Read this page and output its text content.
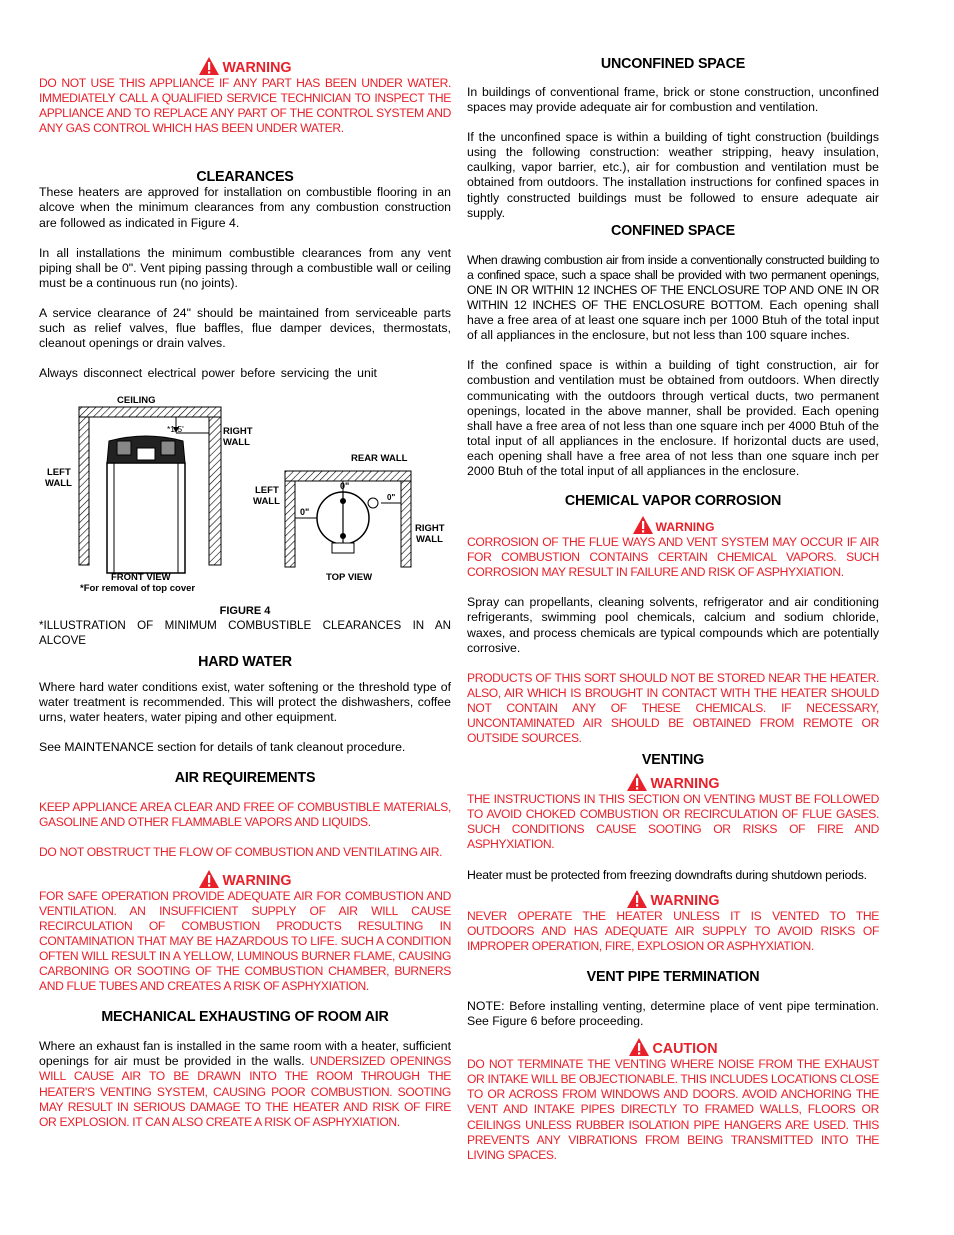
WARNING

DO NOT USE THIS APPLIANCE IF ANY PART HAS BEEN UNDER WATER. IMMEDIATELY CALL A QUALIFIED SERVICE TECHNICIAN TO INSPECT THE APPLIANCE AND TO REPLACE ANY PART OF THE CONTROL SYSTEM AND ANY GAS CONTROL WHICH HAS BEEN UNDER WATER.

CLEARANCES

These heaters are approved for installation on combustible flooring in an alcove when the minimum clearances from any combustion construction are followed as indicated in Figure 4.

In all installations the minimum combustible clearances from any vent piping shall be 0". Vent piping passing through a combustible wall or ceiling must be a continuous run (no joints).

A service clearance of 24" should be maintained from serviceable parts such as relief valves, flue baffles, flue damper devices, thermostats, cleanout openings or drain valves.

Always disconnect electrical power before servicing the unit

CEILING
*1.5'	RIGHT
WALL
LEFT
WALL
FRONT VIEW
*For removal of top cover
REAR WALL
LEFT
WALL
0"
0"
0"
RIGHT
WALL
TOP VIEW
FIGURE 4

*ILLUSTRATION OF MINIMUM COMBUSTIBLE CLEARANCES IN AN ALCOVE

HARD WATER

Where hard water conditions exist, water softening or the threshold type of water treatment is recommended. This will protect the dishwashers, coffee urns, water heaters, water piping and other equipment.

See MAINTENANCE section for details of tank cleanout procedure.

AIR REQUIREMENTS

KEEP APPLIANCE AREA CLEAR AND FREE OF COMBUSTIBLE MATERIALS, GASOLINE AND OTHER FLAMMABLE VAPORS AND LIQUIDS.

DO NOT OBSTRUCT THE FLOW OF COMBUSTION AND VENTILATING AIR.

WARNING

FOR SAFE OPERATION PROVIDE ADEQUATE AIR FOR COMBUSTION AND VENTILATION. AN INSUFFICIENT SUPPLY OF AIR WILL CAUSE RECIRCULATION OF COMBUSTION PRODUCTS RESULTING IN CONTAMINATION THAT MAY BE HAZARDOUS TO LIFE. SUCH A CONDITION OFTEN WILL RESULT IN A YELLOW, LUMINOUS BURNER FLAME, CAUSING CARBONING OR SOOTING OF THE COMBUSTION CHAMBER, BURNERS AND FLUE TUBES AND CREATES A RISK OF ASPHYXIATION.

MECHANICAL EXHAUSTING OF ROOM AIR

Where an exhaust fan is installed in the same room with a heater, sufficient openings for air must be provided in the walls. UNDERSIZED OPENINGS WILL CAUSE AIR TO BE DRAWN INTO THE ROOM THROUGH THE HEATER'S VENTING SYSTEM, CAUSING POOR COMBUSTION. SOOTING MAY RESULT IN SERIOUS DAMAGE TO THE HEATER AND RISK OF FIRE OR EXPLOSION. IT CAN ALSO CREATE A RISK OF ASPHYXIATION.

UNCONFINED SPACE

In buildings of conventional frame, brick or stone construction, unconfined spaces may provide adequate air for combustion and ventilation.

If the unconfined space is within a building of tight construction (buildings using the following construction: weather stripping, heavy insulation, caulking, vapor barrier, etc.), air for combustion and ventilation must be obtained from outdoors. The installation instructions for confined spaces in tightly constructed buildings must be followed to ensure adequate air supply.

CONFINED SPACE

When drawing combustion air from inside a conventionally constructed building to a confined space, such a space shall be provided with two permanent openings, ONE IN OR WITHIN 12 INCHES OF THE ENCLOSURE TOP AND ONE IN OR WITHIN 12 INCHES OF THE ENCLOSURE BOTTOM. Each opening shall have a free area of at least one square inch per 1000 Btuh of the total input of all appliances in the enclosure, but not less than 100 square inches.

If the confined space is within a building of tight construction, air for combustion and ventilation must be obtained from outdoors. When directly communicating with the outdoors through vertical ducts, two permanent openings, located in the above manner, shall be provided. Each opening shall have a free area of not less than one square inch per 4000 Btuh of the total input of all appliances in the enclosure. If horizontal ducts are used, each opening shall have a free area of not less than one square inch per 2000 Btuh of the total input of all appliances in the enclosure.

CHEMICAL VAPOR CORROSION
WARNING

CORROSION OF THE FLUE WAYS AND VENT SYSTEM MAY OCCUR IF AIR FOR COMBUSTION CONTAINS CERTAIN CHEMICAL VAPORS. SUCH CORROSION MAY RESULT IN FAILURE AND RISK OF ASPHYXIATION.

Spray can propellants, cleaning solvents, refrigerator and air conditioning refrigerants, swimming pool chemicals, calcium and sodium chloride, waxes, and process chemicals are typical compounds which are potentially corrosive.

PRODUCTS OF THIS SORT SHOULD NOT BE STORED NEAR THE HEATER. ALSO, AIR WHICH IS BROUGHT IN CONTACT WITH THE HEATER SHOULD NOT CONTAIN ANY OF THESE CHEMICALS. IF NECESSARY, UNCONTAMINATED AIR SHOULD BE OBTAINED FROM REMOTE OR OUTSIDE SOURCES.

VENTING
WARNING

THE INSTRUCTIONS IN THIS SECTION ON VENTING MUST BE FOLLOWED TO AVOID CHOKED COMBUSTION OR RECIRCULATION OF FLUE GASES. SUCH CONDITIONS CAUSE SOOTING OR RISKS OF FIRE AND ASPHYXIATION.

Heater must be protected from freezing downdrafts during shutdown periods.

WARNING

NEVER OPERATE THE HEATER UNLESS IT IS VENTED TO THE OUTDOORS AND HAS ADEQUATE AIR SUPPLY TO AVOID RISKS OF IMPROPER OPERATION, FIRE, EXPLOSION OR ASPHYXIATION.

VENT PIPE TERMINATION

NOTE: Before installing venting, determine place of vent pipe termination. See Figure 6 before proceeding.

CAUTION

DO NOT TERMINATE THE VENTING WHERE NOISE FROM THE EXHAUST OR INTAKE WILL BE OBJECTIONABLE. THIS INCLUDES LOCATIONS CLOSE TO OR ACROSS FROM WINDOWS AND DOORS. AVOID ANCHORING THE VENT AND INTAKE PIPES DIRECTLY TO FRAMED WALLS, FLOORS OR CEILINGS UNLESS RUBBER ISOLATION PIPE HANGERS ARE USED. THIS PREVENTS ANY VIBRATIONS FROM BEING TRANSMITTED INTO THE LIVING SPACES.
